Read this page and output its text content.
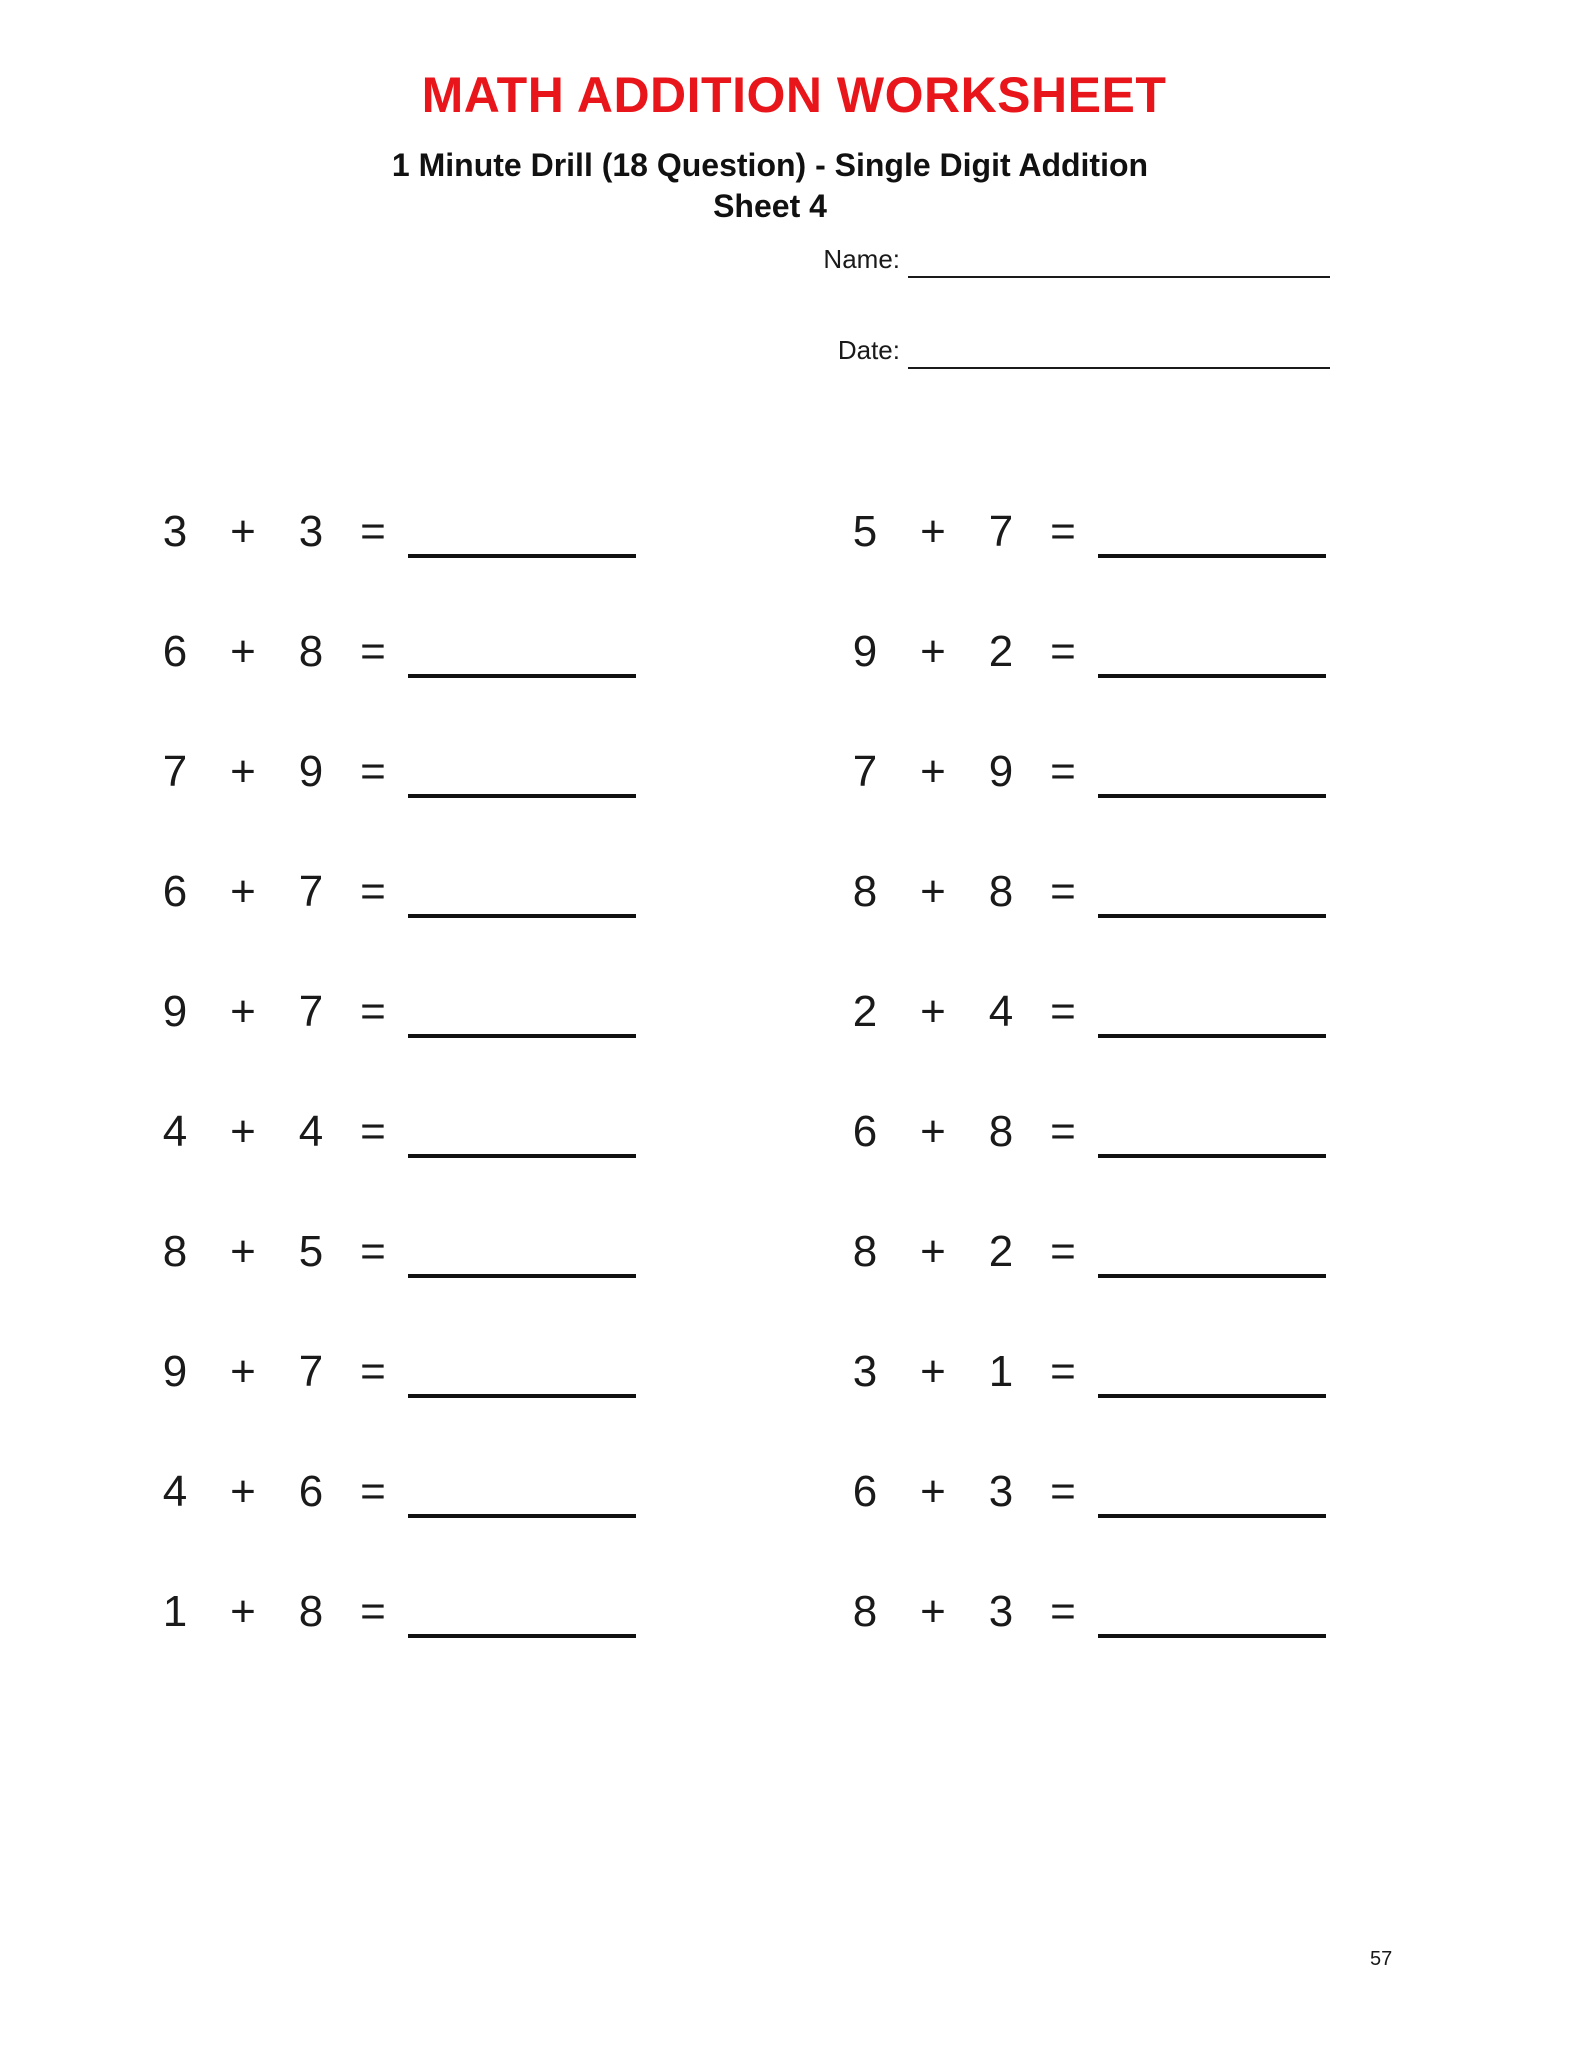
MATH ADDITION WORKSHEET
1 Minute Drill (18 Question) - Single Digit Addition
Sheet 4
Name:
Date:
3 + 3 =
6 + 8 =
7 + 9 =
6 + 7 =
9 + 7 =
4 + 4 =
8 + 5 =
9 + 7 =
4 + 6 =
1 + 8 =
5 + 7 =
9 + 2 =
7 + 9 =
8 + 8 =
2 + 4 =
6 + 8 =
8 + 2 =
3 + 1 =
6 + 3 =
8 + 3 =
57
